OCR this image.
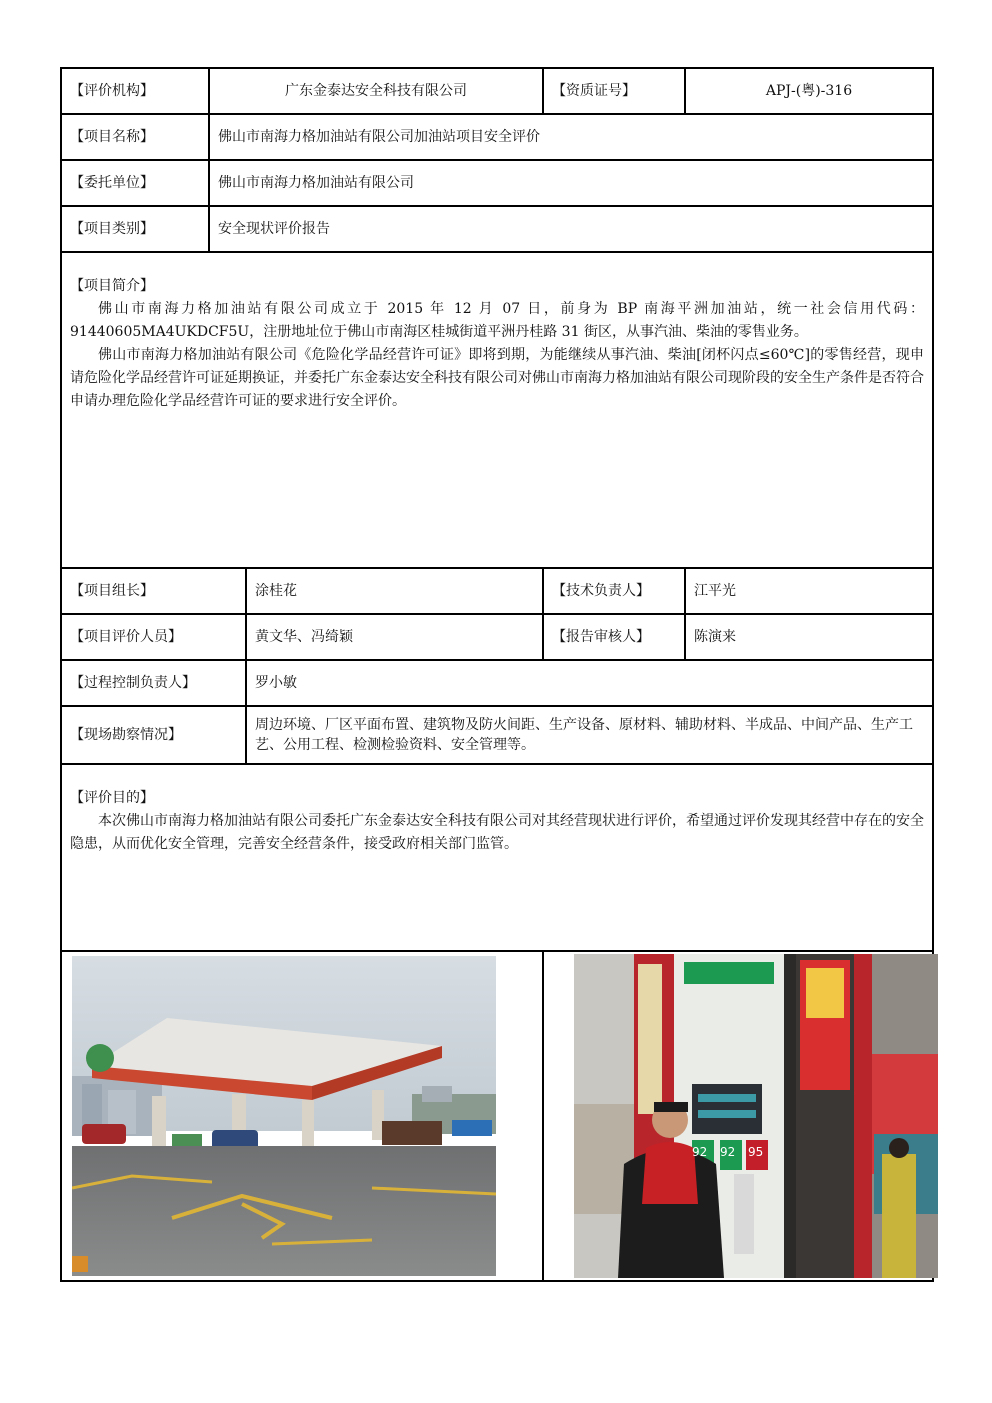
【评价机构】	广东金泰达安全科技有限公司		【资质证号】	APJ-(粤)-316
【项目名称】	佛山市南海力格加油站有限公司加油站项目安全评价			
【委托单位】	佛山市南海力格加油站有限公司			
【项目类别】	安全现状评价报告			

【项目简介】

佛山市南海力格加油站有限公司成立于 2015 年 12 月 07 日，前身为 BP 南海平洲加油站，统一社会信用代码：91440605MA4UKDCF5U，注册地址位于佛山市南海区桂城街道平洲丹桂路 31 街区，从事汽油、柴油的零售业务。

佛山市南海力格加油站有限公司《危险化学品经营许可证》即将到期，为能继续从事汽油、柴油[闭杯闪点≤60℃]的零售经营，现申请危险化学品经营许可证延期换证，并委托广东金泰达安全科技有限公司对佛山市南海力格加油站有限公司现阶段的安全生产条件是否符合申请办理危险化学品经营许可证的要求进行安全评价。				

【项目组长】		涂桂花	【技术负责人】	江平光
【项目评价人员】		黄文华、冯绮颖	【报告审核人】	陈演来
【过程控制负责人】		罗小敏		
【现场勘察情况】		周边环境、厂区平面布置、建筑物及防火间距、生产设备、原材料、辅助材料、半成品、中间产品、生产工艺、公用工程、检测检验资料、安全管理等。		

【评价目的】

本次佛山市南海力格加油站有限公司委托广东金泰达安全科技有限公司对其经营现状进行评价，希望通过评价发现其经营中存在的安全隐患，从而优化安全管理，完善安全经营条件，接受政府相关部门监管。				

92 92 95	
